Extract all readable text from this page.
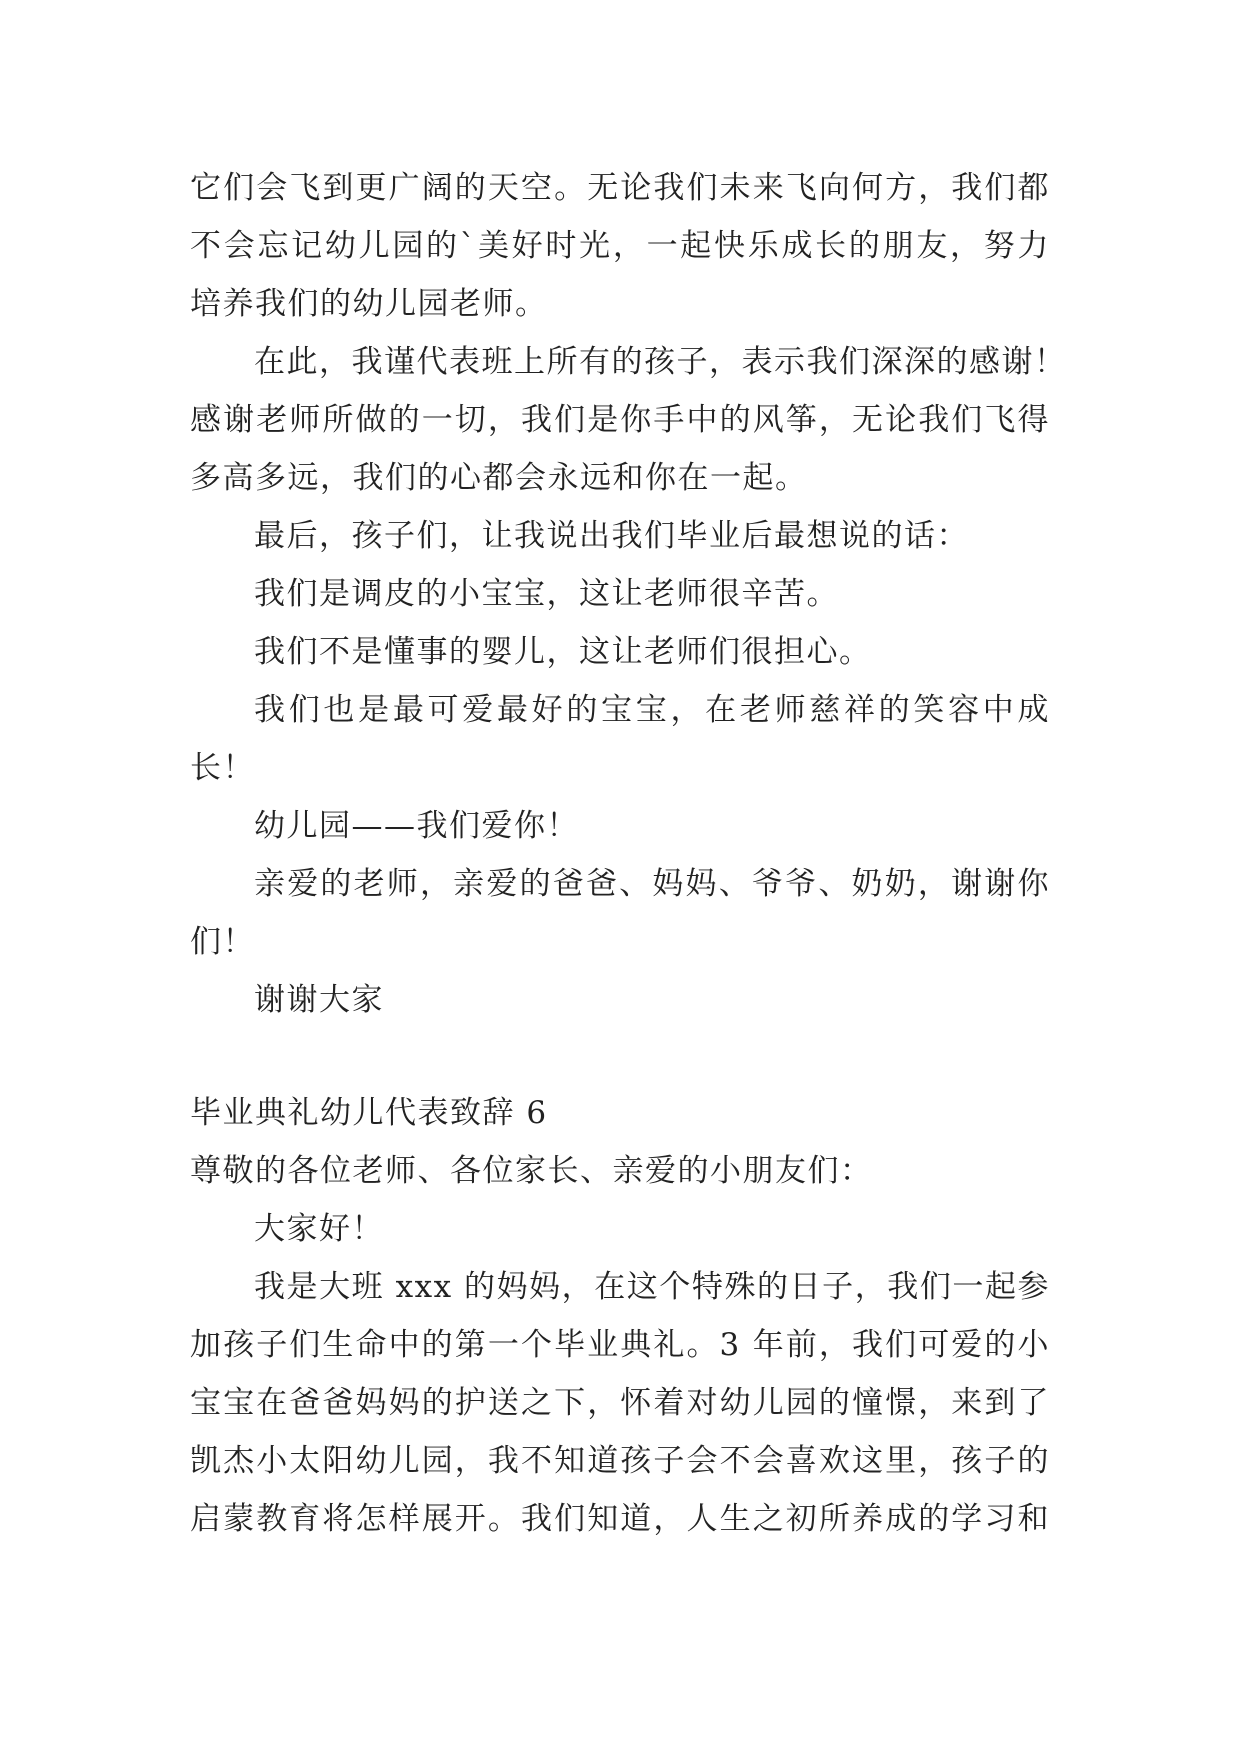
它们会飞到更广阔的天空。无论我们未来飞向何方，我们都
不会忘记幼儿园的`美好时光，一起快乐成长的朋友，努力
培养我们的幼儿园老师。
在此，我谨代表班上所有的孩子，表示我们深深的感谢！
感谢老师所做的一切，我们是你手中的风筝，无论我们飞得
多高多远，我们的心都会永远和你在一起。
最后，孩子们，让我说出我们毕业后最想说的话：
我们是调皮的小宝宝，这让老师很辛苦。
我们不是懂事的婴儿，这让老师们很担心。
我们也是最可爱最好的宝宝，在老师慈祥的笑容中成
长！
幼儿园——我们爱你！
亲爱的老师，亲爱的爸爸、妈妈、爷爷、奶奶，谢谢你
们！
谢谢大家
毕业典礼幼儿代表致辞 6
尊敬的各位老师、各位家长、亲爱的小朋友们：
大家好！
我是大班 xxx 的妈妈，在这个特殊的日子，我们一起参
加孩子们生命中的第一个毕业典礼。3 年前，我们可爱的小
宝宝在爸爸妈妈的护送之下，怀着对幼儿园的憧憬，来到了
凯杰小太阳幼儿园，我不知道孩子会不会喜欢这里，孩子的
启蒙教育将怎样展开。我们知道，人生之初所养成的学习和
